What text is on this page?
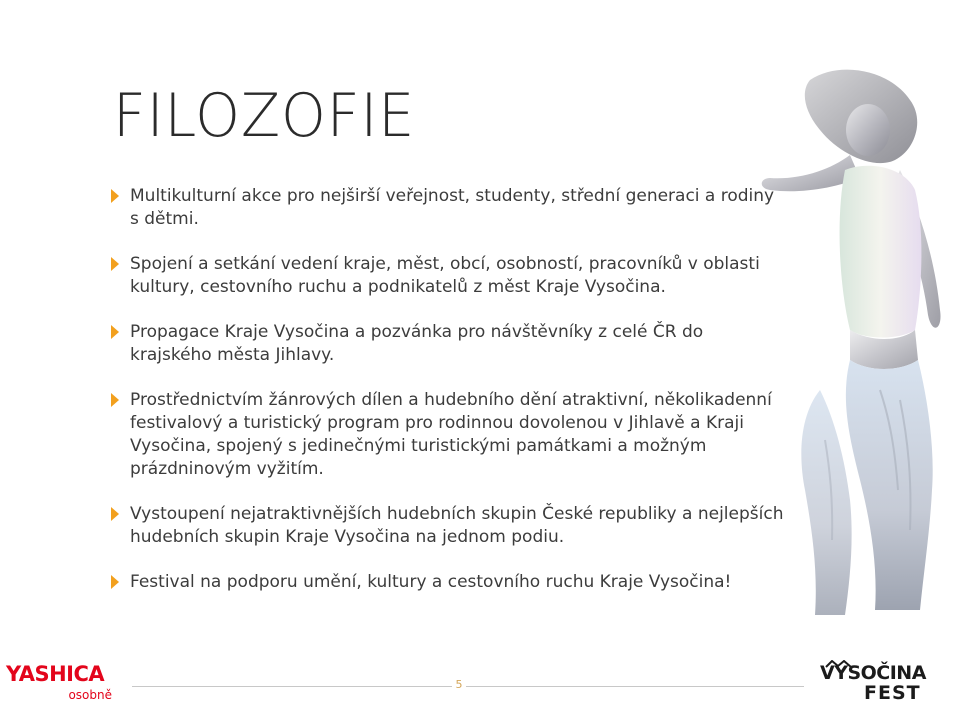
FILOZOFIE
Multikulturní akce pro nejširší veřejnost, studenty, střední generaci a rodiny s dětmi.
Spojení a setkání vedení kraje, měst, obcí, osobností, pracovníků v oblasti kultury, cestovního ruchu a podnikatelů z měst Kraje Vysočina.
Propagace Kraje Vysočina a pozvánka pro návštěvníky z celé ČR do krajského města Jihlavy.
Prostřednictvím žánrových dílen a hudebního dění atraktivní, několikadenní festivalový a turistický program pro rodinnou dovolenou v Jihlavě a Kraji Vysočina, spojený s jedinečnými turistickými památkami a možným prázdninovým vyžitím.
Vystoupení nejatraktivnějších hudebních skupin České republiky a nejlepších hudebních skupin Kraje Vysočina na jednom podiu.
Festival na podporu umění, kultury a cestovního ruchu Kraje Vysočina!
5

YASHICA

osobně

VYSOČINA

FEST
